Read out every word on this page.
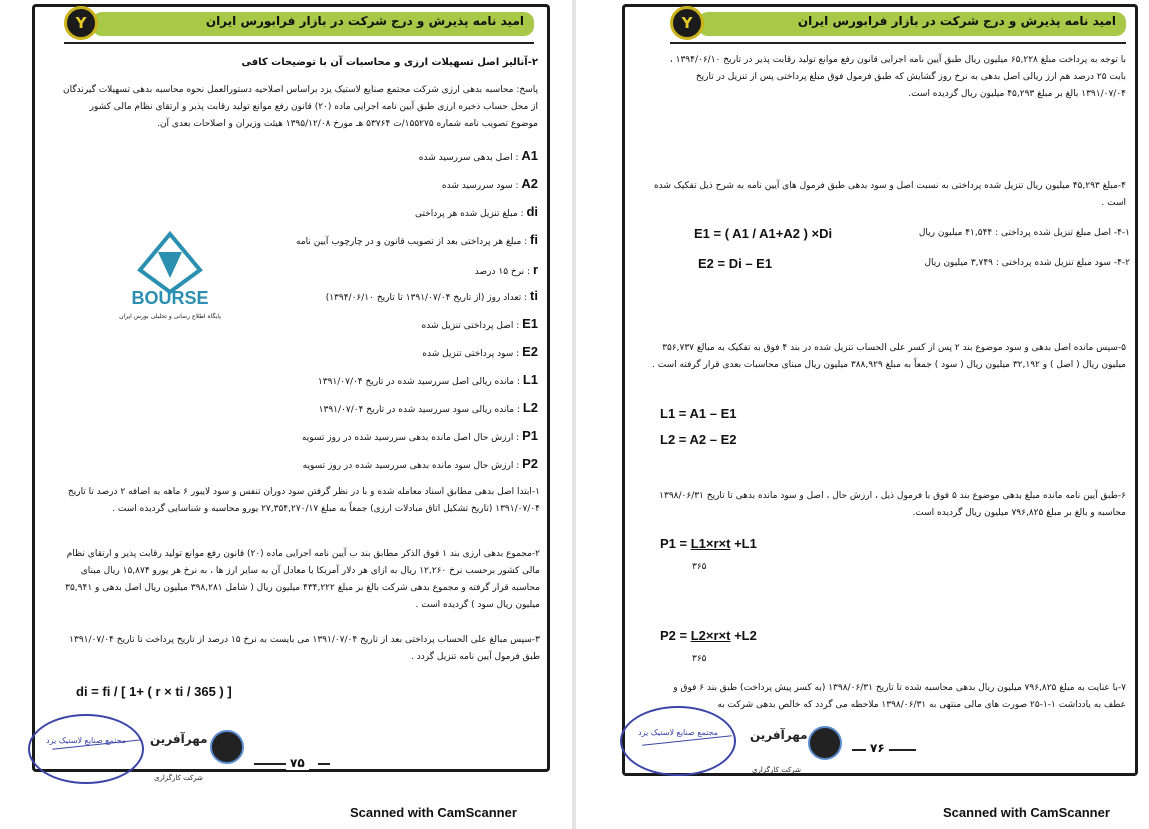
Y	امید نامه پذیرش و درج شرکت در بازار فرابورس ایران
۲-آنالیز اصل تسهیلات ارزی و محاسبات آن با توضیحات کافی
پاسخ: محاسبه بدهی ارزی شرکت مجتمع صنایع لاستیک یزد براساس اصلاحیه دستورالعمل نحوه محاسبه بدهی تسهیلات گیرندگان از محل حساب ذخیره ارزی طبق آیین نامه اجرایی ماده (۲۰) قانون رفع موانع تولید رقابت پذیر و ارتقای نظام مالی کشور موضوع تصویب نامه شماره ۱۵۵۲۷۵/ت ۵۳۷۶۴ هـ مورخ ۱۳۹۵/۱۲/۰۸ هیئت وزیران و اصلاحات بعدی آن.
A1 : اصل بدهی سررسید شده
A2 : سود سررسید شده
di : مبلغ تنزیل شده هر پرداختی
fi : مبلغ هر پرداختی بعد از تصویب قانون و در چارچوب آیین نامه
r : نرخ ۱۵ درصد
ti : تعداد روز (از تاریخ ۱۳۹۱/۰۷/۰۴ تا تاریخ ۱۳۹۴/۰۶/۱۰)
E1 : اصل پرداختی تنزیل شده
E2 : سود پرداختی تنزیل شده
L1 : مانده ریالی اصل سررسید شده در تاریخ ۱۳۹۱/۰۷/۰۴
L2 : مانده ریالی سود سررسید شده در تاریخ ۱۳۹۱/۰۷/۰۴
P1 : ارزش حال اصل مانده بدهی سررسید شده در روز تسویه
P2 : ارزش حال سود مانده بدهی سررسید شده در روز تسویه
BOURSE
پایگاه اطلاع رسانی و تحلیلی بورس ایران
۱-ابتدا اصل بدهی مطابق اسناد معامله شده و با در نظر گرفتن سود دوران تنفس و سود لایبور ۶ ماهه به اضافه ۲ درصد تا تاریخ ۱۳۹۱/۰۷/۰۴ (تاریخ تشکیل اتاق مبادلات ارزی) جمعاً به مبلغ ۲۷,۳۵۴,۲۷۰/۱۷ یورو محاسبه و شناسایی گردیده است .
۲-مجموع بدهی ارزی بند ۱ فوق الذکر مطابق بند ب آیین نامه اجرایی ماده (۲۰) قانون رفع موانع تولید رقابت پذیر و ارتقای نظام مالی کشور برحسب نرخ ۱۲,۲۶۰ ریال به ازای هر دلار آمریکا یا معادل آن به سایر ارز ها ، به نرخ هر یورو ۱۵,۸۷۴ ریال مبنای محاسبه قرار گرفته و مجموع بدهی شرکت بالغ بر مبلغ ۴۳۴,۲۲۲ میلیون ریال ( شامل ۳۹۸,۲۸۱ میلیون ریال اصل بدهی و ۳۵,۹۴۱ میلیون ریال سود ) گردیده است .
۳-سپس مبالغ علی الحساب پرداختی بعد از تاریخ ۱۳۹۱/۰۷/۰۴ می بایست به نرخ ۱۵ درصد از تاریخ پرداخت تا تاریخ ۱۳۹۱/۰۷/۰۴ طبق فرمول آیین نامه تنزیل گردد .
di = fi / [ 1+ ( r × ti / 365 ) ]
مجتمع صنایع لاستیک یزد	مهرآفرین
شرکت کارگزاری
۷۵
Y	امید نامه پذیرش و درج شرکت در بازار فرابورس ایران
با توجه به پرداخت مبلغ ۶۵,۲۲۸ میلیون ریال طبق آیین نامه اجرایی قانون رفع موانع تولید رقابت پذیر در تاریخ ۱۳۹۴/۰۶/۱۰ ، بابت ۲۵ درصد هم ارز ریالی اصل بدهی به نرخ روز گشایش که طبق فرمول فوق مبلغ پرداختی پس از تنزیل در تاریخ ۱۳۹۱/۰۷/۰۴ بالغ بر مبلغ ۴۵,۲۹۳ میلیون ریال گردیده است.
۴-مبلغ ۴۵,۲۹۳ میلیون ریال تنزیل شده پرداختی به نسبت اصل و سود بدهی طبق فرمول های آیین نامه به شرح ذیل تفکیک شده است .
۴-۱- اصل مبلغ تنزیل شده پرداختی : ۴۱,۵۴۴ میلیون ریال
E1 = ( A1 / A1+A2 ) ×Di
۴-۲- سود مبلغ تنزیل شده پرداختی : ۳,۷۴۹ میلیون ریال
E2 = Di – E1
۵-سپس مانده اصل بدهی و سود موضوع بند ۲ پس از کسر علی الحساب تنزیل شده در بند ۴ فوق به تفکیک به مبالغ ۳۵۶,۷۳۷ میلیون ریال ( اصل ) و ۳۲,۱۹۲ میلیون ریال ( سود ) جمعاً به مبلغ ۳۸۸,۹۲۹ میلیون ریال مبنای محاسبات بعدی قرار گرفته است .
L1 = A1 – E1
L2 = A2 – E2
۶-طبق آیین نامه مانده مبلغ بدهی موضوع بند ۵ فوق با فرمول ذیل ، ارزش حال ، اصل و سود مانده بدهی تا تاریخ ۱۳۹۸/۰۶/۳۱ محاسبه و بالغ بر مبلغ ۷۹۶,۸۲۵ میلیون ریال گردیده است.
P1 = L1×r×t +L1
۳۶۵
P2 = L2×r×t +L2
۳۶۵
۷-با عنایت به مبلغ ۷۹۶,۸۲۵ میلیون ریال بدهی محاسبه شده تا تاریخ ۱۳۹۸/۰۶/۳۱ (به کسر پیش پرداخت) طبق بند ۶ فوق و عطف به یادداشت ۱-۱-۲۵ صورت های مالی منتهی به ۱۳۹۸/۰۶/۳۱ ملاحظه می گردد که خالص بدهی شرکت به
مجتمع صنایع لاستیک یزد	مهرآفرین
شرکت کارگزاری
۷۶
Scanned with CamScanner	Scanned with CamScanner
